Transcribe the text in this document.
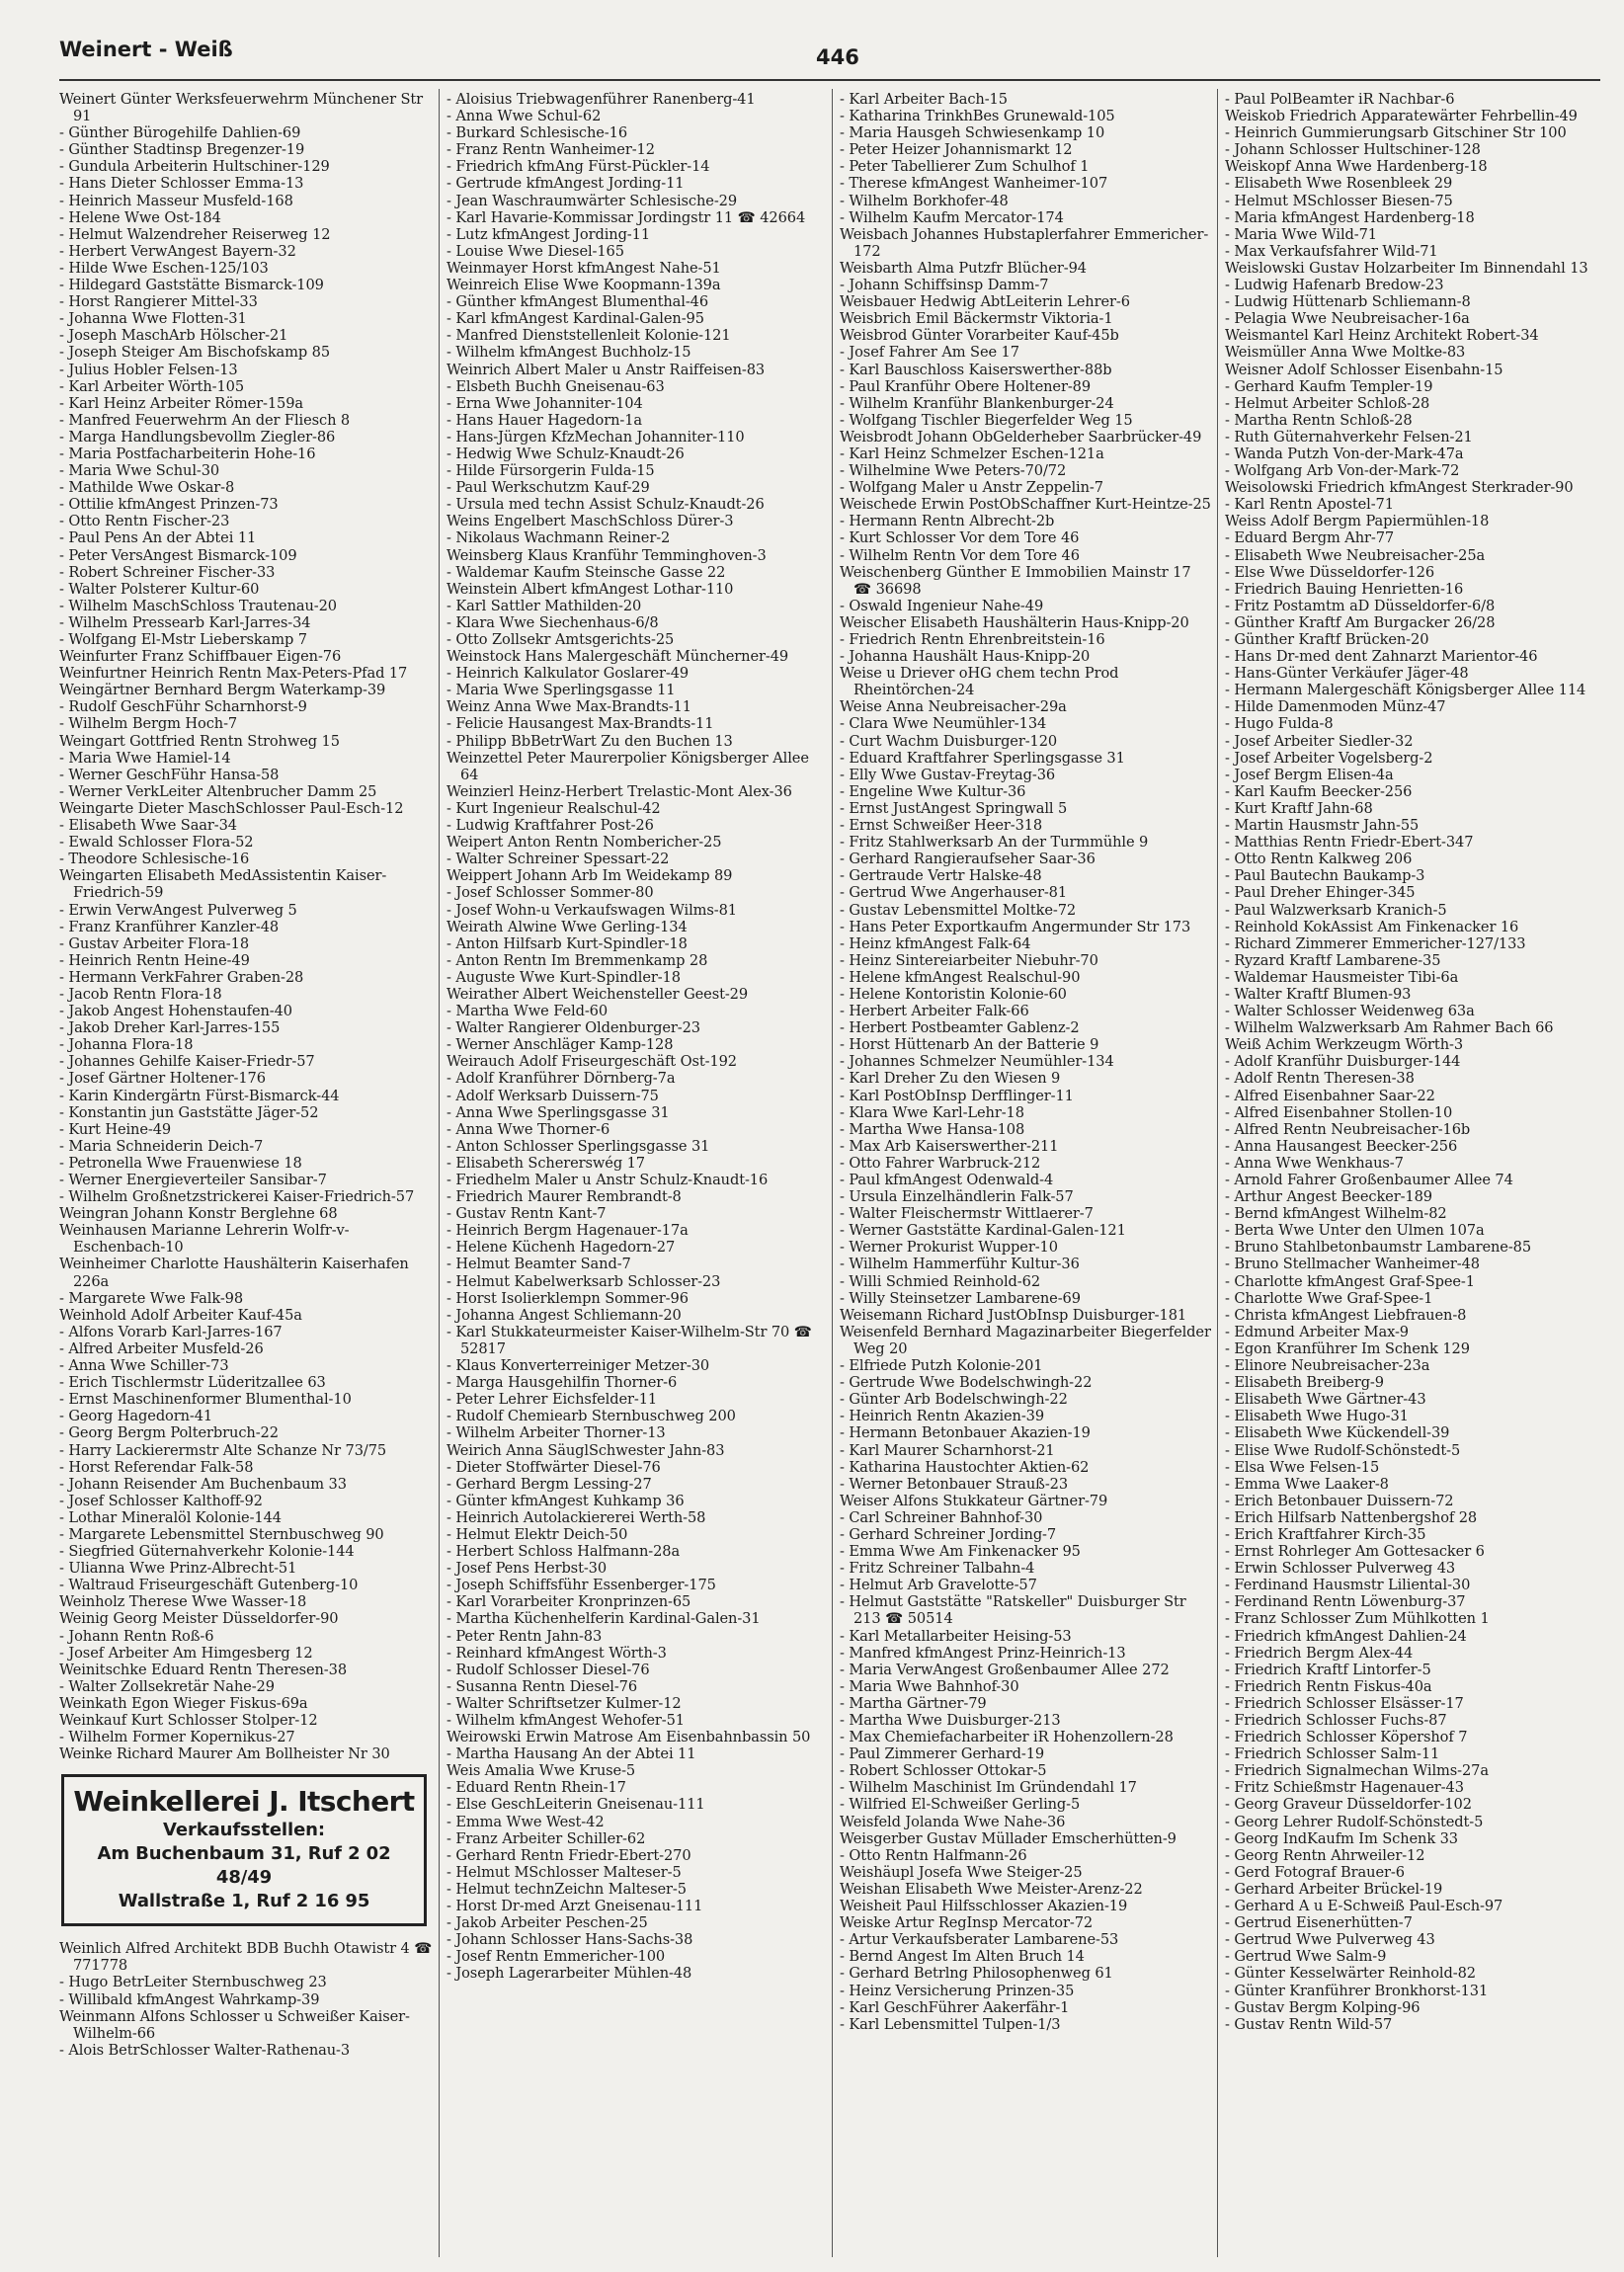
Weinert - Weiß	446

Weinert Günter Werksfeuerwehrm Münchener Str 91

- Günther Bürogehilfe Dahlien-69

- Günther Stadtinsp Bregenzer-19

- Gundula Arbeiterin Hultschiner-129

- Hans Dieter Schlosser Emma-13

- Heinrich Masseur Musfeld-168

- Helene Wwe Ost-184

- Helmut Walzendreher Reiserweg 12

- Herbert VerwAngest Bayern-32

- Hilde Wwe Eschen-125/103

- Hildegard Gaststätte Bismarck-109

- Horst Rangierer Mittel-33

- Johanna Wwe Flotten-31

- Joseph MaschArb Hölscher-21

- Joseph Steiger Am Bischofskamp 85

- Julius Hobler Felsen-13

- Karl Arbeiter Wörth-105

- Karl Heinz Arbeiter Römer-159a

- Manfred Feuerwehrm An der Fliesch 8

- Marga Handlungsbevollm Ziegler-86

- Maria Postfacharbeiterin Hohe-16

- Maria Wwe Schul-30

- Mathilde Wwe Oskar-8

- Ottilie kfmAngest Prinzen-73

- Otto Rentn Fischer-23

- Paul Pens An der Abtei 11

- Peter VersAngest Bismarck-109

- Robert Schreiner Fischer-33

- Walter Polsterer Kultur-60

- Wilhelm MaschSchloss Trautenau-20

- Wilhelm Pressearb Karl-Jarres-34

- Wolfgang El-Mstr Lieberskamp 7

Weinfurter Franz Schiffbauer Eigen-76

Weinfurtner Heinrich Rentn Max-Peters-Pfad 17

Weingärtner Bernhard Bergm Waterkamp-39

- Rudolf GeschFühr Scharnhorst-9

- Wilhelm Bergm Hoch-7

Weingart Gottfried Rentn Strohweg 15

- Maria Wwe Hamiel-14

- Werner GeschFühr Hansa-58

- Werner VerkLeiter Altenbrucher Damm 25

Weingarte Dieter MaschSchlosser Paul-Esch-12

- Elisabeth Wwe Saar-34

- Ewald Schlosser Flora-52

- Theodore Schlesische-16

Weingarten Elisabeth MedAssistentin Kaiser-Friedrich-59

- Erwin VerwAngest Pulverweg 5

- Franz Kranführer Kanzler-48

- Gustav Arbeiter Flora-18

- Heinrich Rentn Heine-49

- Hermann VerkFahrer Graben-28

- Jacob Rentn Flora-18

- Jakob Angest Hohenstaufen-40

- Jakob Dreher Karl-Jarres-155

- Johanna Flora-18

- Johannes Gehilfe Kaiser-Friedr-57

- Josef Gärtner Holtener-176

- Karin Kindergärtn Fürst-Bismarck-44

- Konstantin jun Gaststätte Jäger-52

- Kurt Heine-49

- Maria Schneiderin Deich-7

- Petronella Wwe Frauenwiese 18

- Werner Energieverteiler Sansibar-7

- Wilhelm Großnetzstrickerei Kaiser-Friedrich-57

Weingran Johann Konstr Berglehne 68

Weinhausen Marianne Lehrerin Wolfr-v-Eschenbach-10

Weinheimer Charlotte Haushälterin Kaiserhafen 226a

- Margarete Wwe Falk-98

Weinhold Adolf Arbeiter Kauf-45a

- Alfons Vorarb Karl-Jarres-167

- Alfred Arbeiter Musfeld-26

- Anna Wwe Schiller-73

- Erich Tischlermstr Lüderitzallee 63

- Ernst Maschinenformer Blumenthal-10

- Georg Hagedorn-41

- Georg Bergm Polterbruch-22

- Harry Lackierermstr Alte Schanze Nr 73/75

- Horst Referendar Falk-58

- Johann Reisender Am Buchenbaum 33

- Josef Schlosser Kalthoff-92

- Lothar Mineralöl Kolonie-144

- Margarete Lebensmittel Sternbuschweg 90

- Siegfried Güternahverkehr Kolonie-144

- Ulianna Wwe Prinz-Albrecht-51

- Waltraud Friseurgeschäft Gutenberg-10

Weinholz Therese Wwe Wasser-18

Weinig Georg Meister Düsseldorfer-90

- Johann Rentn Roß-6

- Josef Arbeiter Am Himgesberg 12

Weinitschke Eduard Rentn Theresen-38

- Walter Zollsekretär Nahe-29

Weinkath Egon Wieger Fiskus-69a

Weinkauf Kurt Schlosser Stolper-12

- Wilhelm Former Kopernikus-27

Weinke Richard Maurer Am Bollheister Nr 30

Weinkellerei J. Itschert
Verkaufsstellen:
Am Buchenbaum 31, Ruf 2 02 48/49
Wallstraße 1, Ruf 2 16 95

Weinlich Alfred Architekt BDB Buchh Otawistr 4 ☎ 771778

- Hugo BetrLeiter Sternbuschweg 23

- Willibald kfmAngest Wahrkamp-39

Weinmann Alfons Schlosser u Schweißer Kaiser-Wilhelm-66

- Alois BetrSchlosser Walter-Rathenau-3

- Aloisius Triebwagenführer Ranenberg-41

- Anna Wwe Schul-62

- Burkard Schlesische-16

- Franz Rentn Wanheimer-12

- Friedrich kfmAng Fürst-Pückler-14

- Gertrude kfmAngest Jording-11

- Jean Waschraumwärter Schlesische-29

- Karl Havarie-Kommissar Jordingstr 11 ☎ 42664

- Lutz kfmAngest Jording-11

- Louise Wwe Diesel-165

Weinmayer Horst kfmAngest Nahe-51

Weinreich Elise Wwe Koopmann-139a

- Günther kfmAngest Blumenthal-46

- Karl kfmAngest Kardinal-Galen-95

- Manfred Dienststellenleit Kolonie-121

- Wilhelm kfmAngest Buchholz-15

Weinrich Albert Maler u Anstr Raiffeisen-83

- Elsbeth Buchh Gneisenau-63

- Erna Wwe Johanniter-104

- Hans Hauer Hagedorn-1a

- Hans-Jürgen KfzMechan Johanniter-110

- Hedwig Wwe Schulz-Knaudt-26

- Hilde Fürsorgerin Fulda-15

- Paul Werkschutzm Kauf-29

- Ursula med techn Assist Schulz-Knaudt-26

Weins Engelbert MaschSchloss Dürer-3

- Nikolaus Wachmann Reiner-2

Weinsberg Klaus Kranführ Temminghoven-3

- Waldemar Kaufm Steinsche Gasse 22

Weinstein Albert kfmAngest Lothar-110

- Karl Sattler Mathilden-20

- Klara Wwe Siechenhaus-6/8

- Otto Zollsekr Amtsgerichts-25

Weinstock Hans Malergeschäft Müncherner-49

- Heinrich Kalkulator Goslarer-49

- Maria Wwe Sperlingsgasse 11

Weinz Anna Wwe Max-Brandts-11

- Felicie Hausangest Max-Brandts-11

- Philipp BbBetrWart Zu den Buchen 13

Weinzettel Peter Maurerpolier Königsberger Allee 64

Weinzierl Heinz-Herbert Trelastic-Mont Alex-36

- Kurt Ingenieur Realschul-42

- Ludwig Kraftfahrer Post-26

Weipert Anton Rentn Nombericher-25

- Walter Schreiner Spessart-22

Weippert Johann Arb Im Weidekamp 89

- Josef Schlosser Sommer-80

- Josef Wohn-u Verkaufswagen Wilms-81

Weirath Alwine Wwe Gerling-134

- Anton Hilfsarb Kurt-Spindler-18

- Anton Rentn Im Bremmenkamp 28

- Auguste Wwe Kurt-Spindler-18

Weirather Albert Weichensteller Geest-29

- Martha Wwe Feld-60

- Walter Rangierer Oldenburger-23

- Werner Anschläger Kamp-128

Weirauch Adolf Friseurgeschäft Ost-192

- Adolf Kranführer Dörnberg-7a

- Adolf Werksarb Duissern-75

- Anna Wwe Sperlingsgasse 31

- Anna Wwe Thorner-6

- Anton Schlosser Sperlingsgasse 31

- Elisabeth Schererswég 17

- Friedhelm Maler u Anstr Schulz-Knaudt-16

- Friedrich Maurer Rembrandt-8

- Gustav Rentn Kant-7

- Heinrich Bergm Hagenauer-17a

- Helene Küchenh Hagedorn-27

- Helmut Beamter Sand-7

- Helmut Kabelwerksarb Schlosser-23

- Horst Isolierklempn Sommer-96

- Johanna Angest Schliemann-20

- Karl Stukkateurmeister Kaiser-Wilhelm-Str 70 ☎ 52817

- Klaus Konverterreiniger Metzer-30

- Marga Hausgehilfin Thorner-6

- Peter Lehrer Eichsfelder-11

- Rudolf Chemiearb Sternbuschweg 200

- Wilhelm Arbeiter Thorner-13

Weirich Anna SäuglSchwester Jahn-83

- Dieter Stoffwärter Diesel-76

- Gerhard Bergm Lessing-27

- Günter kfmAngest Kuhkamp 36

- Heinrich Autolackiererei Werth-58

- Helmut Elektr Deich-50

- Herbert Schloss Halfmann-28a

- Josef Pens Herbst-30

- Joseph Schiffsführ Essenberger-175

- Karl Vorarbeiter Kronprinzen-65

- Martha Küchenhelferin Kardinal-Galen-31

- Peter Rentn Jahn-83

- Reinhard kfmAngest Wörth-3

- Rudolf Schlosser Diesel-76

- Susanna Rentn Diesel-76

- Walter Schriftsetzer Kulmer-12

- Wilhelm kfmAngest Wehofer-51

Weirowski Erwin Matrose Am Eisenbahnbassin 50

- Martha Hausang An der Abtei 11

Weis Amalia Wwe Kruse-5

- Eduard Rentn Rhein-17

- Else GeschLeiterin Gneisenau-111

- Emma Wwe West-42

- Franz Arbeiter Schiller-62

- Gerhard Rentn Friedr-Ebert-270

- Helmut MSchlosser Malteser-5

- Helmut technZeichn Malteser-5

- Horst Dr-med Arzt Gneisenau-111

- Jakob Arbeiter Peschen-25

- Johann Schlosser Hans-Sachs-38

- Josef Rentn Emmericher-100

- Joseph Lagerarbeiter Mühlen-48

- Karl Arbeiter Bach-15

- Katharina TrinkhBes Grunewald-105

- Maria Hausgeh Schwiesenkamp 10

- Peter Heizer Johannismarkt 12

- Peter Tabellierer Zum Schulhof 1

- Therese kfmAngest Wanheimer-107

- Wilhelm Borkhofer-48

- Wilhelm Kaufm Mercator-174

Weisbach Johannes Hubstaplerfahrer Emmericher-172

Weisbarth Alma Putzfr Blücher-94

- Johann Schiffsinsp Damm-7

Weisbauer Hedwig AbtLeiterin Lehrer-6

Weisbrich Emil Bäckermstr Viktoria-1

Weisbrod Günter Vorarbeiter Kauf-45b

- Josef Fahrer Am See 17

- Karl Bauschloss Kaiserswerther-88b

- Paul Kranführ Obere Holtener-89

- Wilhelm Kranführ Blankenburger-24

- Wolfgang Tischler Biegerfelder Weg 15

Weisbrodt Johann ObGelderheber Saarbrücker-49

- Karl Heinz Schmelzer Eschen-121a

- Wilhelmine Wwe Peters-70/72

- Wolfgang Maler u Anstr Zeppelin-7

Weischede Erwin PostObSchaffner Kurt-Heintze-25

- Hermann Rentn Albrecht-2b

- Kurt Schlosser Vor dem Tore 46

- Wilhelm Rentn Vor dem Tore 46

Weischenberg Günther E Immobilien Mainstr 17 ☎ 36698

- Oswald Ingenieur Nahe-49

Weischer Elisabeth Haushälterin Haus-Knipp-20

- Friedrich Rentn Ehrenbreitstein-16

- Johanna Haushält Haus-Knipp-20

Weise u Driever oHG chem techn Prod Rheintörchen-24

Weise Anna Neubreisacher-29a

- Clara Wwe Neumühler-134

- Curt Wachm Duisburger-120

- Eduard Kraftfahrer Sperlingsgasse 31

- Elly Wwe Gustav-Freytag-36

- Engeline Wwe Kultur-36

- Ernst JustAngest Springwall 5

- Ernst Schweißer Heer-318

- Fritz Stahlwerksarb An der Turmmühle 9

- Gerhard Rangieraufseher Saar-36

- Gertraude Vertr Halske-48

- Gertrud Wwe Angerhauser-81

- Gustav Lebensmittel Moltke-72

- Hans Peter Exportkaufm Angermunder Str 173

- Heinz kfmAngest Falk-64

- Heinz Sintereiarbeiter Niebuhr-70

- Helene kfmAngest Realschul-90

- Helene Kontoristin Kolonie-60

- Herbert Arbeiter Falk-66

- Herbert Postbeamter Gablenz-2

- Horst Hüttenarb An der Batterie 9

- Johannes Schmelzer Neumühler-134

- Karl Dreher Zu den Wiesen 9

- Karl PostObInsp Derfflinger-11

- Klara Wwe Karl-Lehr-18

- Martha Wwe Hansa-108

- Max Arb Kaiserswerther-211

- Otto Fahrer Warbruck-212

- Paul kfmAngest Odenwald-4

- Ursula Einzelhändlerin Falk-57

- Walter Fleischermstr Wittlaerer-7

- Werner Gaststätte Kardinal-Galen-121

- Werner Prokurist Wupper-10

- Wilhelm Hammerführ Kultur-36

- Willi Schmied Reinhold-62

- Willy Steinsetzer Lambarene-69

Weisemann Richard JustObInsp Duisburger-181

Weisenfeld Bernhard Magazinarbeiter Biegerfelder Weg 20

- Elfriede Putzh Kolonie-201

- Gertrude Wwe Bodelschwingh-22

- Günter Arb Bodelschwingh-22

- Heinrich Rentn Akazien-39

- Hermann Betonbauer Akazien-19

- Karl Maurer Scharnhorst-21

- Katharina Haustochter Aktien-62

- Werner Betonbauer Strauß-23

Weiser Alfons Stukkateur Gärtner-79

- Carl Schreiner Bahnhof-30

- Gerhard Schreiner Jording-7

- Emma Wwe Am Finkenacker 95

- Fritz Schreiner Talbahn-4

- Helmut Arb Gravelotte-57

- Helmut Gaststätte "Ratskeller" Duisburger Str 213 ☎ 50514

- Karl Metallarbeiter Heising-53

- Manfred kfmAngest Prinz-Heinrich-13

- Maria VerwAngest Großenbaumer Allee 272

- Maria Wwe Bahnhof-30

- Martha Gärtner-79

- Martha Wwe Duisburger-213

- Max Chemiefacharbeiter iR Hohenzollern-28

- Paul Zimmerer Gerhard-19

- Robert Schlosser Ottokar-5

- Wilhelm Maschinist Im Gründendahl 17

- Wilfried El-Schweißer Gerling-5

Weisfeld Jolanda Wwe Nahe-36

Weisgerber Gustav Müllader Emscherhütten-9

- Otto Rentn Halfmann-26

Weishäupl Josefa Wwe Steiger-25

Weishan Elisabeth Wwe Meister-Arenz-22

Weisheit Paul Hilfsschlosser Akazien-19

Weiske Artur RegInsp Mercator-72

- Artur Verkaufsberater Lambarene-53

- Bernd Angest Im Alten Bruch 14

- Gerhard Betrlng Philosophenweg 61

- Heinz Versicherung Prinzen-35

- Karl GeschFührer Aakerfähr-1

- Karl Lebensmittel Tulpen-1/3

- Paul PolBeamter iR Nachbar-6

Weiskob Friedrich Apparatewärter Fehrbellin-49

- Heinrich Gummierungsarb Gitschiner Str 100

- Johann Schlosser Hultschiner-128

Weiskopf Anna Wwe Hardenberg-18

- Elisabeth Wwe Rosenbleek 29

- Helmut MSchlosser Biesen-75

- Maria kfmAngest Hardenberg-18

- Maria Wwe Wild-71

- Max Verkaufsfahrer Wild-71

Weislowski Gustav Holzarbeiter Im Binnendahl 13

- Ludwig Hafenarb Bredow-23

- Ludwig Hüttenarb Schliemann-8

- Pelagia Wwe Neubreisacher-16a

Weismantel Karl Heinz Architekt Robert-34

Weismüller Anna Wwe Moltke-83

Weisner Adolf Schlosser Eisenbahn-15

- Gerhard Kaufm Templer-19

- Helmut Arbeiter Schloß-28

- Martha Rentn Schloß-28

- Ruth Güternahverkehr Felsen-21

- Wanda Putzh Von-der-Mark-47a

- Wolfgang Arb Von-der-Mark-72

Weisolowski Friedrich kfmAngest Sterkrader-90

- Karl Rentn Apostel-71

Weiss Adolf Bergm Papiermühlen-18

- Eduard Bergm Ahr-77

- Elisabeth Wwe Neubreisacher-25a

- Else Wwe Düsseldorfer-126

- Friedrich Bauing Henrietten-16

- Fritz Postamtm aD Düsseldorfer-6/8

- Günther Kraftf Am Burgacker 26/28

- Günther Kraftf Brücken-20

- Hans Dr-med dent Zahnarzt Marientor-46

- Hans-Günter Verkäufer Jäger-48

- Hermann Malergeschäft Königsberger Allee 114

- Hilde Damenmoden Münz-47

- Hugo Fulda-8

- Josef Arbeiter Siedler-32

- Josef Arbeiter Vogelsberg-2

- Josef Bergm Elisen-4a

- Karl Kaufm Beecker-256

- Kurt Kraftf Jahn-68

- Martin Hausmstr Jahn-55

- Matthias Rentn Friedr-Ebert-347

- Otto Rentn Kalkweg 206

- Paul Bautechn Baukamp-3

- Paul Dreher Ehinger-345

- Paul Walzwerksarb Kranich-5

- Reinhold KokAssist Am Finkenacker 16

- Richard Zimmerer Emmericher-127/133

- Ryzard Kraftf Lambarene-35

- Waldemar Hausmeister Tibi-6a

- Walter Kraftf Blumen-93

- Walter Schlosser Weidenweg 63a

- Wilhelm Walzwerksarb Am Rahmer Bach 66

Weiß Achim Werkzeugm Wörth-3

- Adolf Kranführ Duisburger-144

- Adolf Rentn Theresen-38

- Alfred Eisenbahner Saar-22

- Alfred Eisenbahner Stollen-10

- Alfred Rentn Neubreisacher-16b

- Anna Hausangest Beecker-256

- Anna Wwe Wenkhaus-7

- Arnold Fahrer Großenbaumer Allee 74

- Arthur Angest Beecker-189

- Bernd kfmAngest Wilhelm-82

- Berta Wwe Unter den Ulmen 107a

- Bruno Stahlbetonbaumstr Lambarene-85

- Bruno Stellmacher Wanheimer-48

- Charlotte kfmAngest Graf-Spee-1

- Charlotte Wwe Graf-Spee-1

- Christa kfmAngest Liebfrauen-8

- Edmund Arbeiter Max-9

- Egon Kranführer Im Schenk 129

- Elinore Neubreisacher-23a

- Elisabeth Breiberg-9

- Elisabeth Wwe Gärtner-43

- Elisabeth Wwe Hugo-31

- Elisabeth Wwe Kückendell-39

- Elise Wwe Rudolf-Schönstedt-5

- Elsa Wwe Felsen-15

- Emma Wwe Laaker-8

- Erich Betonbauer Duissern-72

- Erich Hilfsarb Nattenbergshof 28

- Erich Kraftfahrer Kirch-35

- Ernst Rohrleger Am Gottesacker 6

- Erwin Schlosser Pulverweg 43

- Ferdinand Hausmstr Liliental-30

- Ferdinand Rentn Löwenburg-37

- Franz Schlosser Zum Mühlkotten 1

- Friedrich kfmAngest Dahlien-24

- Friedrich Bergm Alex-44

- Friedrich Kraftf Lintorfer-5

- Friedrich Rentn Fiskus-40a

- Friedrich Schlosser Elsässer-17

- Friedrich Schlosser Fuchs-87

- Friedrich Schlosser Köpershof 7

- Friedrich Schlosser Salm-11

- Friedrich Signalmechan Wilms-27a

- Fritz Schießmstr Hagenauer-43

- Georg Graveur Düsseldorfer-102

- Georg Lehrer Rudolf-Schönstedt-5

- Georg IndKaufm Im Schenk 33

- Georg Rentn Ahrweiler-12

- Gerd Fotograf Brauer-6

- Gerhard Arbeiter Brückel-19

- Gerhard A u E-Schweiß Paul-Esch-97

- Gertrud Eisenerhütten-7

- Gertrud Wwe Pulverweg 43

- Gertrud Wwe Salm-9

- Günter Kesselwärter Reinhold-82

- Günter Kranführer Bronkhorst-131

- Gustav Bergm Kolping-96

- Gustav Rentn Wild-57
